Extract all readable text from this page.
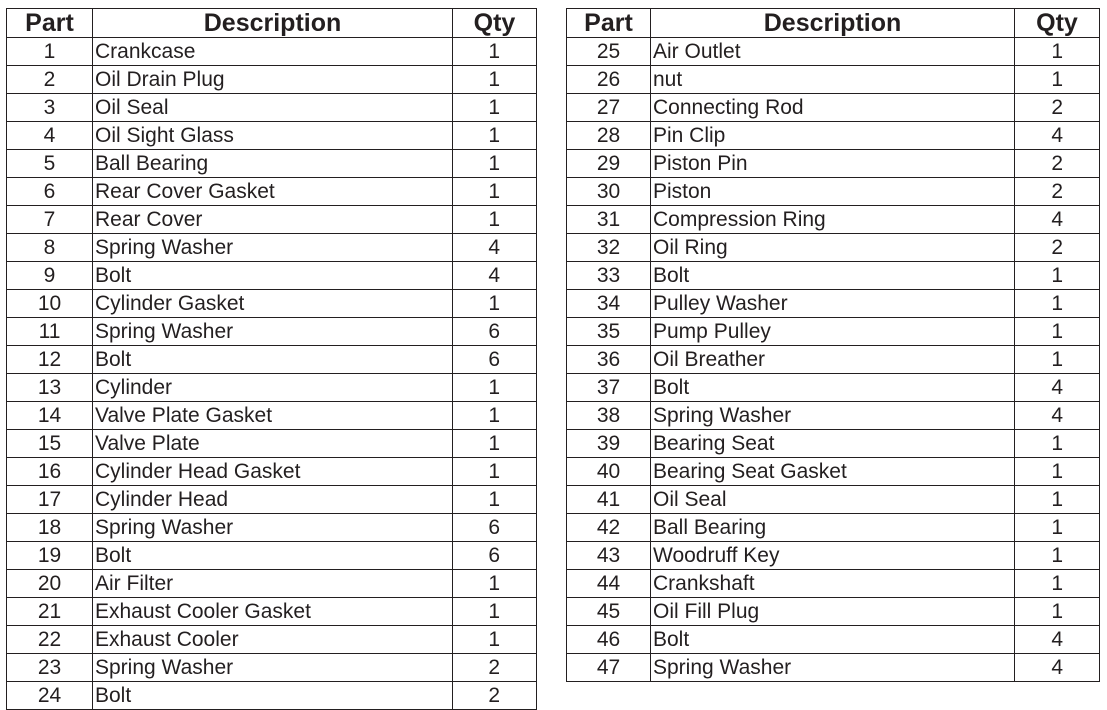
Part	Description	Qty
1	Crankcase	1
2	Oil Drain Plug	1
3	Oil Seal	1
4	Oil Sight Glass	1
5	Ball Bearing	1
6	Rear Cover Gasket	1
7	Rear Cover	1
8	Spring Washer	4
9	Bolt	4
10	Cylinder Gasket	1
11	Spring Washer	6
12	Bolt	6
13	Cylinder	1
14	Valve Plate Gasket	1
15	Valve Plate	1
16	Cylinder Head Gasket	1
17	Cylinder Head	1
18	Spring Washer	6
19	Bolt	6
20	Air Filter	1
21	Exhaust Cooler Gasket	1
22	Exhaust Cooler	1
23	Spring Washer	2
24	Bolt	2
Part	Description	Qty
25	Air Outlet	1
26	nut	1
27	Connecting Rod	2
28	Pin Clip	4
29	Piston Pin	2
30	Piston	2
31	Compression Ring	4
32	Oil Ring	2
33	Bolt	1
34	Pulley Washer	1
35	Pump Pulley	1
36	Oil Breather	1
37	Bolt	4
38	Spring Washer	4
39	Bearing Seat	1
40	Bearing Seat Gasket	1
41	Oil Seal	1
42	Ball Bearing	1
43	Woodruff Key	1
44	Crankshaft	1
45	Oil Fill Plug	1
46	Bolt	4
47	Spring Washer	4
